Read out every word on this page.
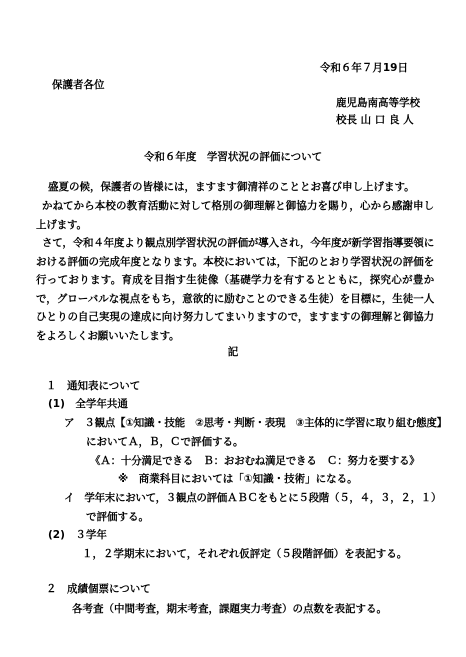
令和６年７月19日
保護者各位
鹿児島南高等学校
校長 山 口 良 人
令和６年度　学習状況の評価について
盛夏の候，保護者の皆様には，ますます御清祥のこととお喜び申し上げます。
かねてから本校の教育活動に対して格別の御理解と御協力を賜り，心から感謝申し上げます。
さて，令和４年度より観点別学習状況の評価が導入され，今年度が新学習指導要領における評価の完成年度となります。本校においては，下記のとおり学習状況の評価を行っております。育成を目指す生徒像（基礎学力を有するとともに，探究心が豊かで，グローバルな視点をもち，意欲的に励むことのできる生徒）を目標に，生徒一人ひとりの自己実現の達成に向け努力してまいりますので，ますますの御理解と御協力をよろしくお願いいたします。
記
１　通知表について
(1)　全学年共通
ア　３観点【①知識・技能　②思考・判断・表現　③主体的に学習に取り組む態度】
においてＡ，Ｂ，Ｃで評価する。
《Ａ：十分満足できる　Ｂ：おおむね満足できる　Ｃ：努力を要する》
※　商業科目においては「①知識・技術」になる。
イ　学年末において，３観点の評価ＡＢＣをもとに５段階（５，４，３，２，１）
で評価する。
(2)　３学年
１，２学期末において，それぞれ仮評定（５段階評価）を表記する。
２　成績個票について
各考査（中間考査，期末考査，課題実力考査）の点数を表記する。
